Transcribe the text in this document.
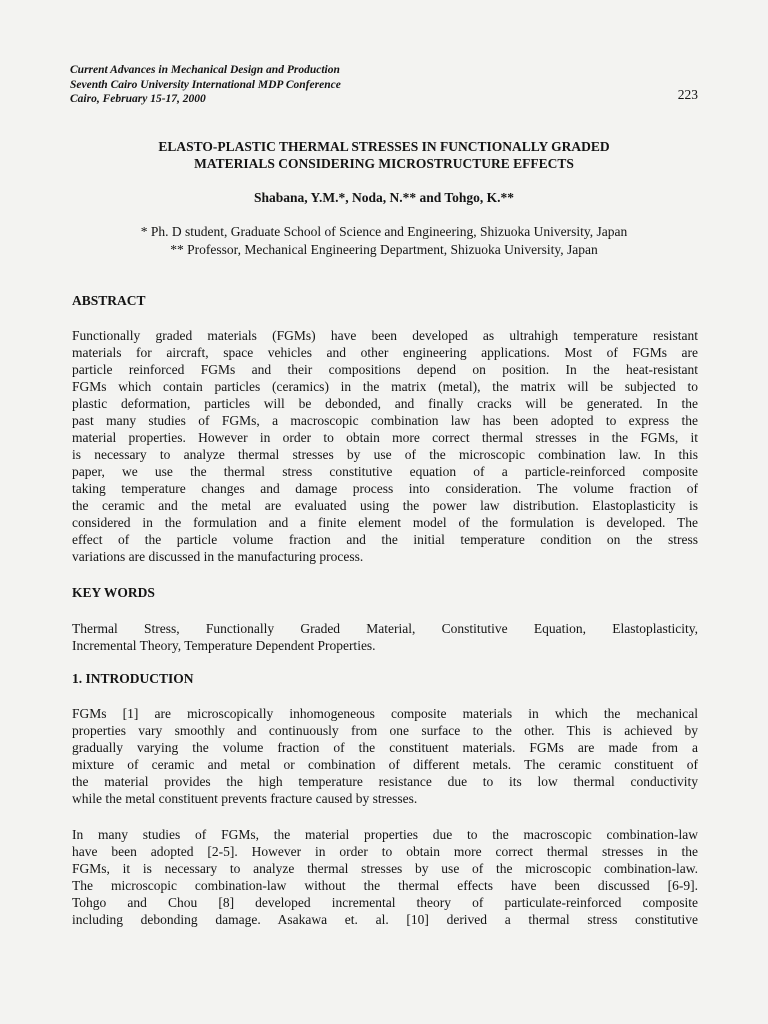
Current Advances in Mechanical Design and Production
Seventh Cairo University International MDP Conference
Cairo, February 15-17, 2000	223
ELASTO-PLASTIC THERMAL STRESSES IN FUNCTIONALLY GRADED
MATERIALS CONSIDERING MICROSTRUCTURE EFFECTS
Shabana, Y.M.*, Noda, N.** and Tohgo, K.**
* Ph. D student, Graduate School of Science and Engineering, Shizuoka University, Japan
** Professor, Mechanical Engineering Department, Shizuoka University, Japan
ABSTRACT
Functionally graded materials (FGMs) have been developed as ultrahigh temperature resistant
materials for aircraft, space vehicles and other engineering applications. Most of FGMs are
particle reinforced FGMs and their compositions depend on position. In the heat-resistant
FGMs which contain particles (ceramics) in the matrix (metal), the matrix will be subjected to
plastic deformation, particles will be debonded, and finally cracks will be generated. In the
past many studies of FGMs, a macroscopic combination law has been adopted to express the
material properties. However in order to obtain more correct thermal stresses in the FGMs, it
is necessary to analyze thermal stresses by use of the microscopic combination law. In this
paper, we use the thermal stress constitutive equation of a particle-reinforced composite
taking temperature changes and damage process into consideration. The volume fraction of
the ceramic and the metal are evaluated using the power law distribution. Elastoplasticity is
considered in the formulation and a finite element model of the formulation is developed. The
effect of the particle volume fraction and the initial temperature condition on the stress
variations are discussed in the manufacturing process.
KEY WORDS
Thermal Stress, Functionally Graded Material, Constitutive Equation, Elastoplasticity,
Incremental Theory, Temperature Dependent Properties.
1. INTRODUCTION
FGMs [1] are microscopically inhomogeneous composite materials in which the mechanical
properties vary smoothly and continuously from one surface to the other. This is achieved by
gradually varying the volume fraction of the constituent materials. FGMs are made from a
mixture of ceramic and metal or combination of different metals. The ceramic constituent of
the material provides the high temperature resistance due to its low thermal conductivity
while the metal constituent prevents fracture caused by stresses.
In many studies of FGMs, the material properties due to the macroscopic combination-law
have been adopted [2-5]. However in order to obtain more correct thermal stresses in the
FGMs, it is necessary to analyze thermal stresses by use of the microscopic combination-law.
The microscopic combination-law without the thermal effects have been discussed [6-9].
Tohgo and Chou [8] developed incremental theory of particulate-reinforced composite
including debonding damage. Asakawa et. al. [10] derived a thermal stress constitutive
